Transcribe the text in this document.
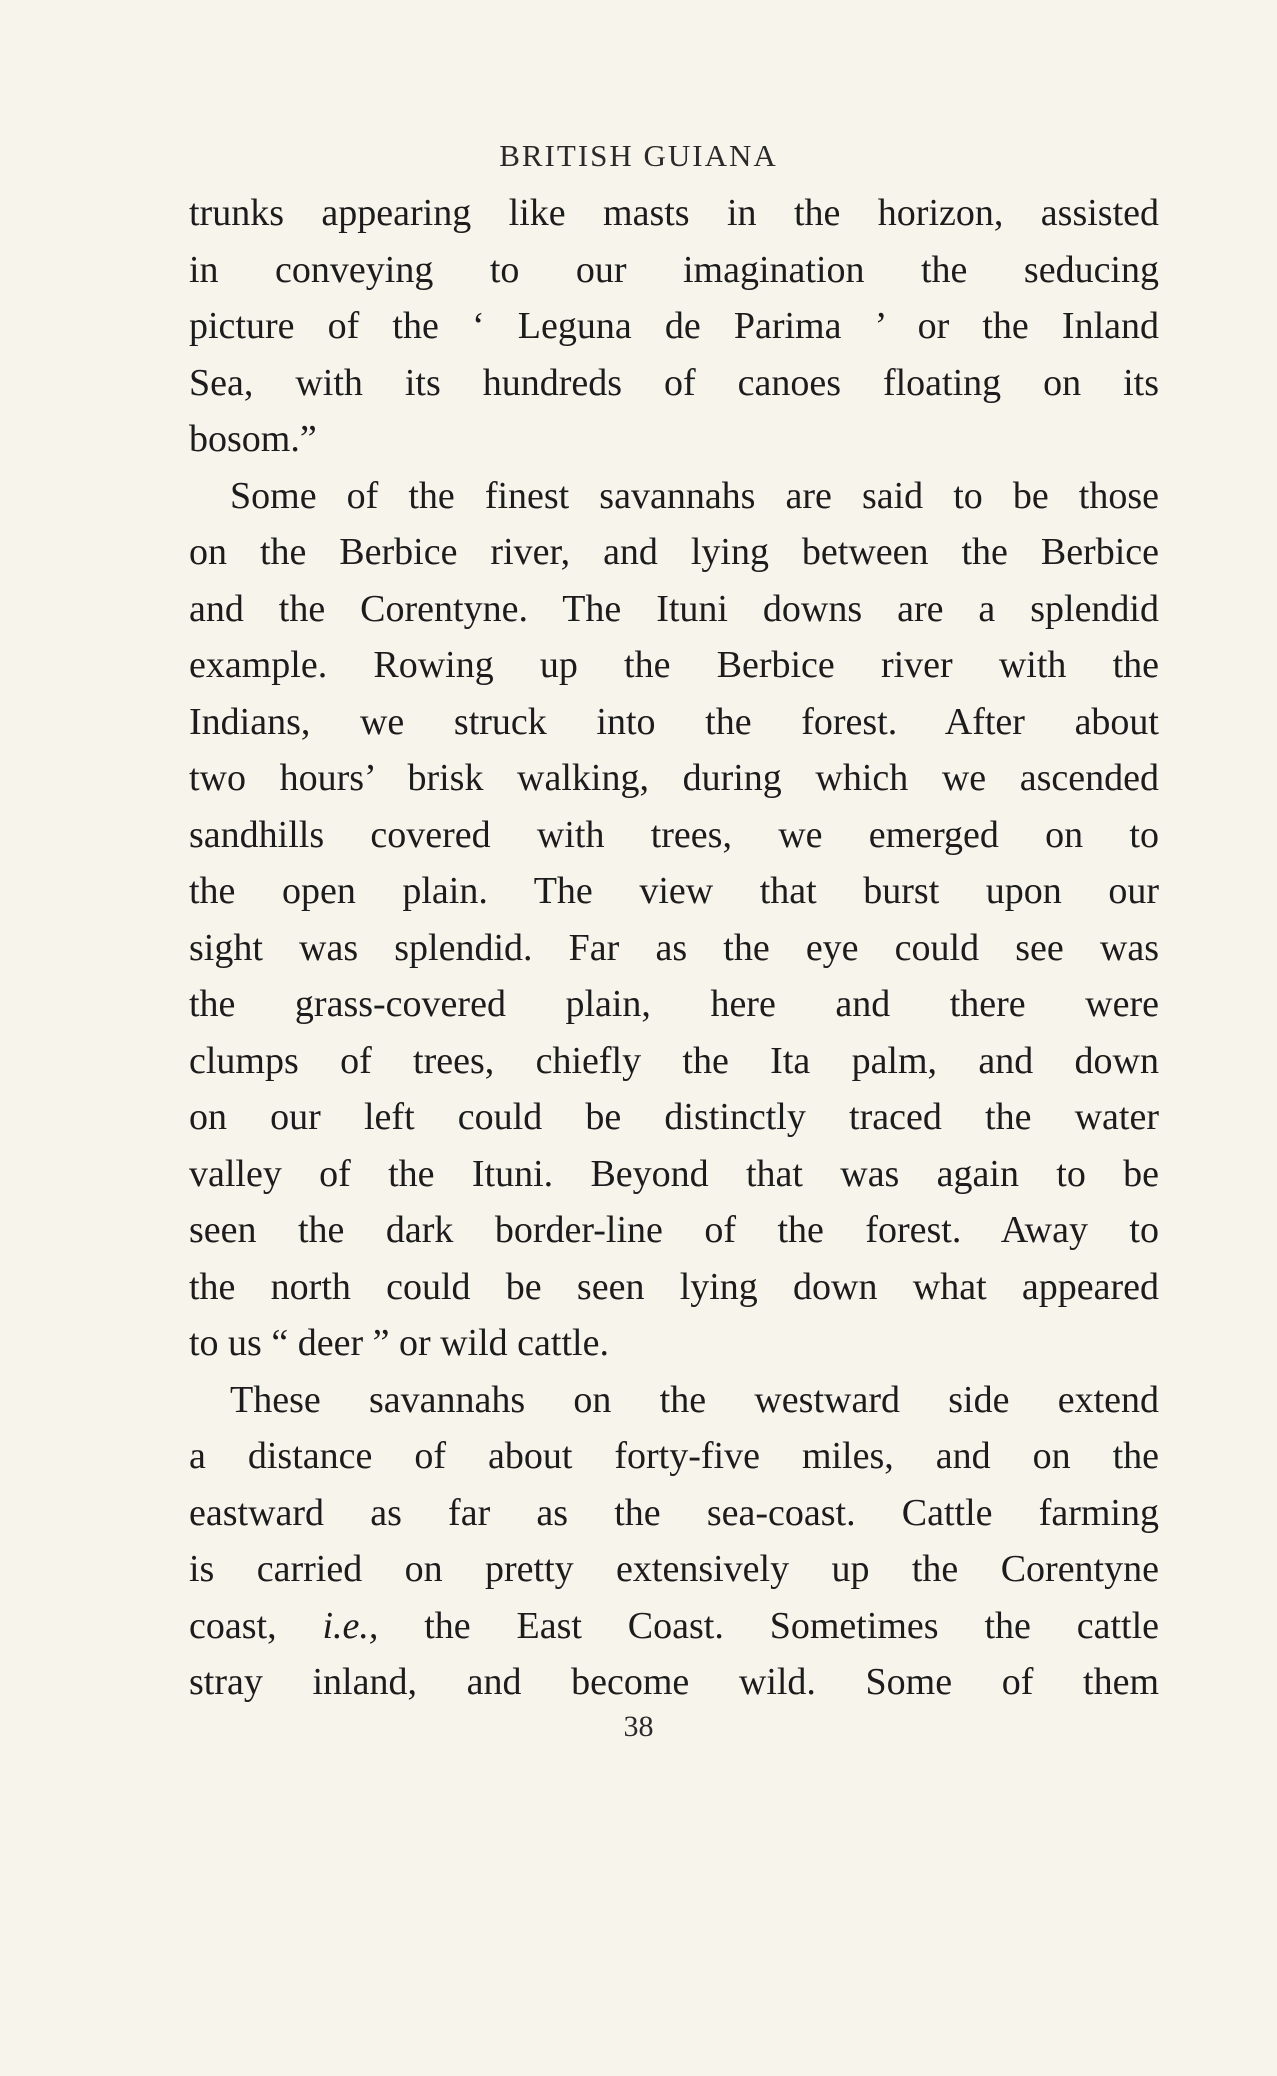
BRITISH GUIANA
trunks appearing like masts in the horizon, assisted
in conveying to our imagination the seducing
picture of the ‘ Leguna de Parima ’ or the Inland
Sea, with its hundreds of canoes floating on its
bosom.”
Some of the finest savannahs are said to be those
on the Berbice river, and lying between the Berbice
and the Corentyne. The Ituni downs are a splendid
example. Rowing up the Berbice river with the
Indians, we struck into the forest. After about
two hours’ brisk walking, during which we ascended
sandhills covered with trees, we emerged on to
the open plain. The view that burst upon our
sight was splendid. Far as the eye could see was
the grass-covered plain, here and there were
clumps of trees, chiefly the Ita palm, and down
on our left could be distinctly traced the water
valley of the Ituni. Beyond that was again to be
seen the dark border-line of the forest. Away to
the north could be seen lying down what appeared
to us “ deer ” or wild cattle.
These savannahs on the westward side extend
a distance of about forty-five miles, and on the
eastward as far as the sea-coast. Cattle farming
is carried on pretty extensively up the Corentyne
coast, i.e., the East Coast. Sometimes the cattle
stray inland, and become wild. Some of them
38
